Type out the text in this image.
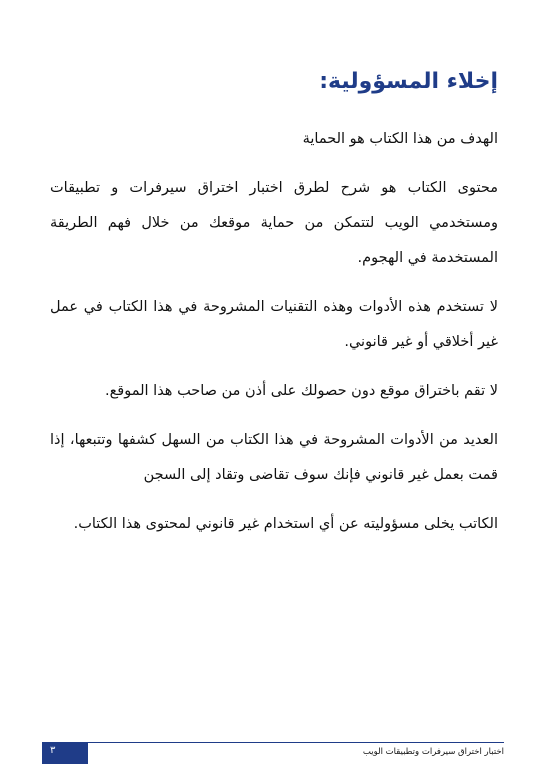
إخلاء المسؤولية:

الهدف من هذا الكتاب هو الحماية

محتوى الكتاب هو شرح لطرق اختبار اختراق سيرفرات و تطبيقات ومستخدمي الويب لتتمكن من حماية موقعك من خلال فهم الطريقة المستخدمة في الهجوم.

لا تستخدم هذه الأدوات وهذه التقنيات المشروحة في هذا الكتاب في عمل غير أخلاقي أو غير قانوني.

لا تقم باختراق موقع دون حصولك على أذن من صاحب هذا الموقع.

العديد من الأدوات المشروحة في هذا الكتاب من السهل كشفها وتتبعها، إذا قمت بعمل غير قانوني فإنك سوف تقاضى وتقاد إلى السجن

الكاتب يخلى مسؤوليته عن أي استخدام غير قانوني لمحتوى هذا الكتاب.

٣	اختبار اختراق سيرفرات وتطبيقات الويب
